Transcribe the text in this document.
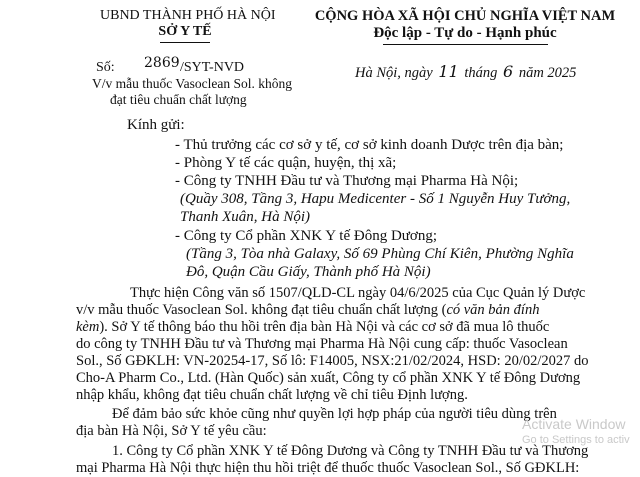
UBND THÀNH PHỐ HÀ NỘI
SỞ Y TẾ
CỘNG HÒA XÃ HỘI CHỦ NGHĨA VIỆT NAM
Độc lập - Tự do - Hạnh phúc
Số: 2869 /SYT-NVD
V/v mẫu thuốc Vasoclean Sol. không
đạt tiêu chuẩn chất lượng
Hà Nội, ngày 11 tháng 6 năm 2025
Kính gửi:
- Thủ trưởng các cơ sở y tế, cơ sở kinh doanh Dược trên địa bàn;
- Phòng Y tế các quận, huyện, thị xã;
- Công ty TNHH Đầu tư và Thương mại Pharma Hà Nội;
(Quầy 308, Tầng 3, Hapu Medicenter - Số 1 Nguyễn Huy Tưởng,
Thanh Xuân, Hà Nội)
- Công ty Cổ phần XNK Y tế Đông Dương;
(Tầng 3, Tòa nhà Galaxy, Số 69 Phùng Chí Kiên, Phường Nghĩa
Đô, Quận Cầu Giấy, Thành phố Hà Nội)
Thực hiện Công văn số 1507/QLD-CL ngày 04/6/2025 của Cục Quản lý Dược
v/v mẫu thuốc Vasoclean Sol. không đạt tiêu chuẩn chất lượng (có văn bản đính
kèm). Sở Y tế thông báo thu hồi trên địa bàn Hà Nội và các cơ sở đã mua lô thuốc
do công ty TNHH Đầu tư và Thương mại Pharma Hà Nội cung cấp: thuốc Vasoclean
Sol., Số GĐKLH: VN-20254-17, Số lô: F14005, NSX:21/02/2024, HSD: 20/02/2027 do
Cho-A Pharm Co., Ltd. (Hàn Quốc) sản xuất, Công ty cổ phần XNK Y tế Đông Dương
nhập khẩu, không đạt tiêu chuẩn chất lượng về chỉ tiêu Định lượng.
Để đảm bảo sức khỏe cũng như quyền lợi hợp pháp của người tiêu dùng trên
địa bàn Hà Nội, Sở Y tế yêu cầu:
1. Công ty Cổ phần XNK Y tế Đông Dương và Công ty TNHH Đầu tư và Thương
mại Pharma Hà Nội thực hiện thu hồi triệt để thuốc thuốc Vasoclean Sol., Số GĐKLH:
Activate Window
Go to Settings to activ
